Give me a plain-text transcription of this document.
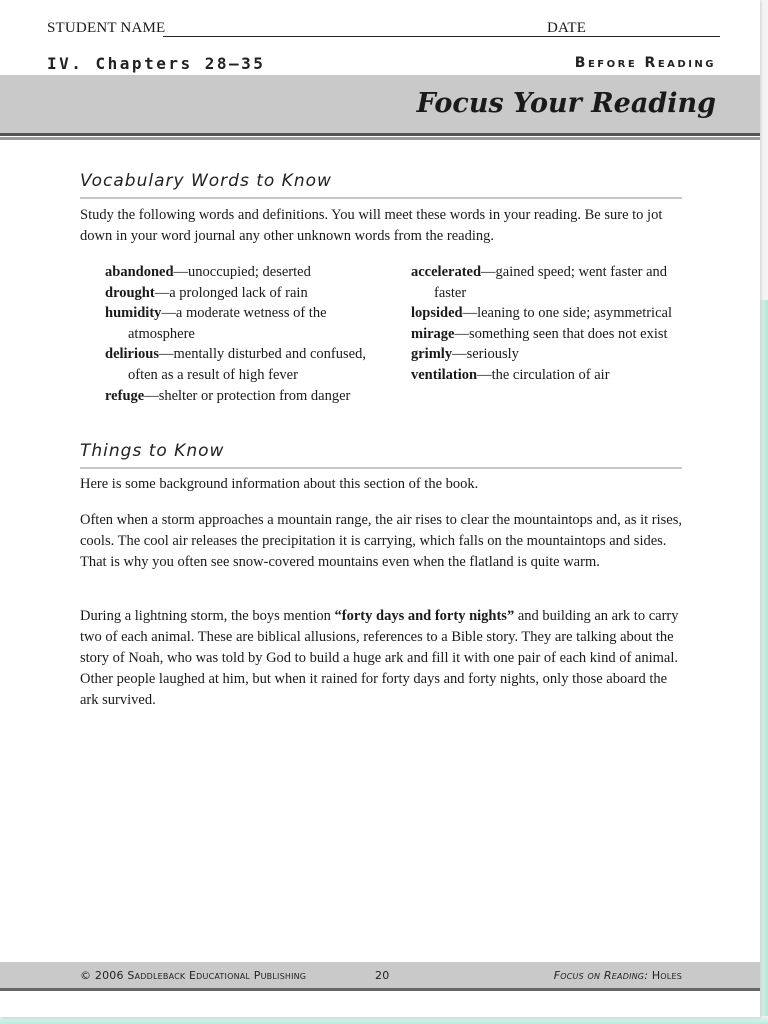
STUDENT NAME	DATE
IV. Chapters 28–35	Before Reading
Focus Your Reading
Vocabulary Words to Know
Study the following words and definitions. You will meet these words in your reading. Be sure to jot down in your word journal any other unknown words from the reading.
abandoned—unoccupied; deserted
drought—a prolonged lack of rain
humidity—a moderate wetness of the atmosphere
delirious—mentally disturbed and confused, often as a result of high fever
refuge—shelter or protection from danger
accelerated—gained speed; went faster and faster
lopsided—leaning to one side; asymmetrical
mirage—something seen that does not exist
grimly—seriously
ventilation—the circulation of air
Things to Know
Here is some background information about this section of the book.
Often when a storm approaches a mountain range, the air rises to clear the mountaintops and, as it rises, cools. The cool air releases the precipitation it is carrying, which falls on the mountaintops and sides. That is why you often see snow-covered mountains even when the flatland is quite warm.
During a lightning storm, the boys mention “forty days and forty nights” and building an ark to carry two of each animal. These are biblical allusions, references to a Bible story. They are talking about the story of Noah, who was told by God to build a huge ark and fill it with one pair of each kind of animal. Other people laughed at him, but when it rained for forty days and forty nights, only those aboard the ark survived.
© 2006 Saddleback Educational Publishing	20	Focus on Reading: Holes
